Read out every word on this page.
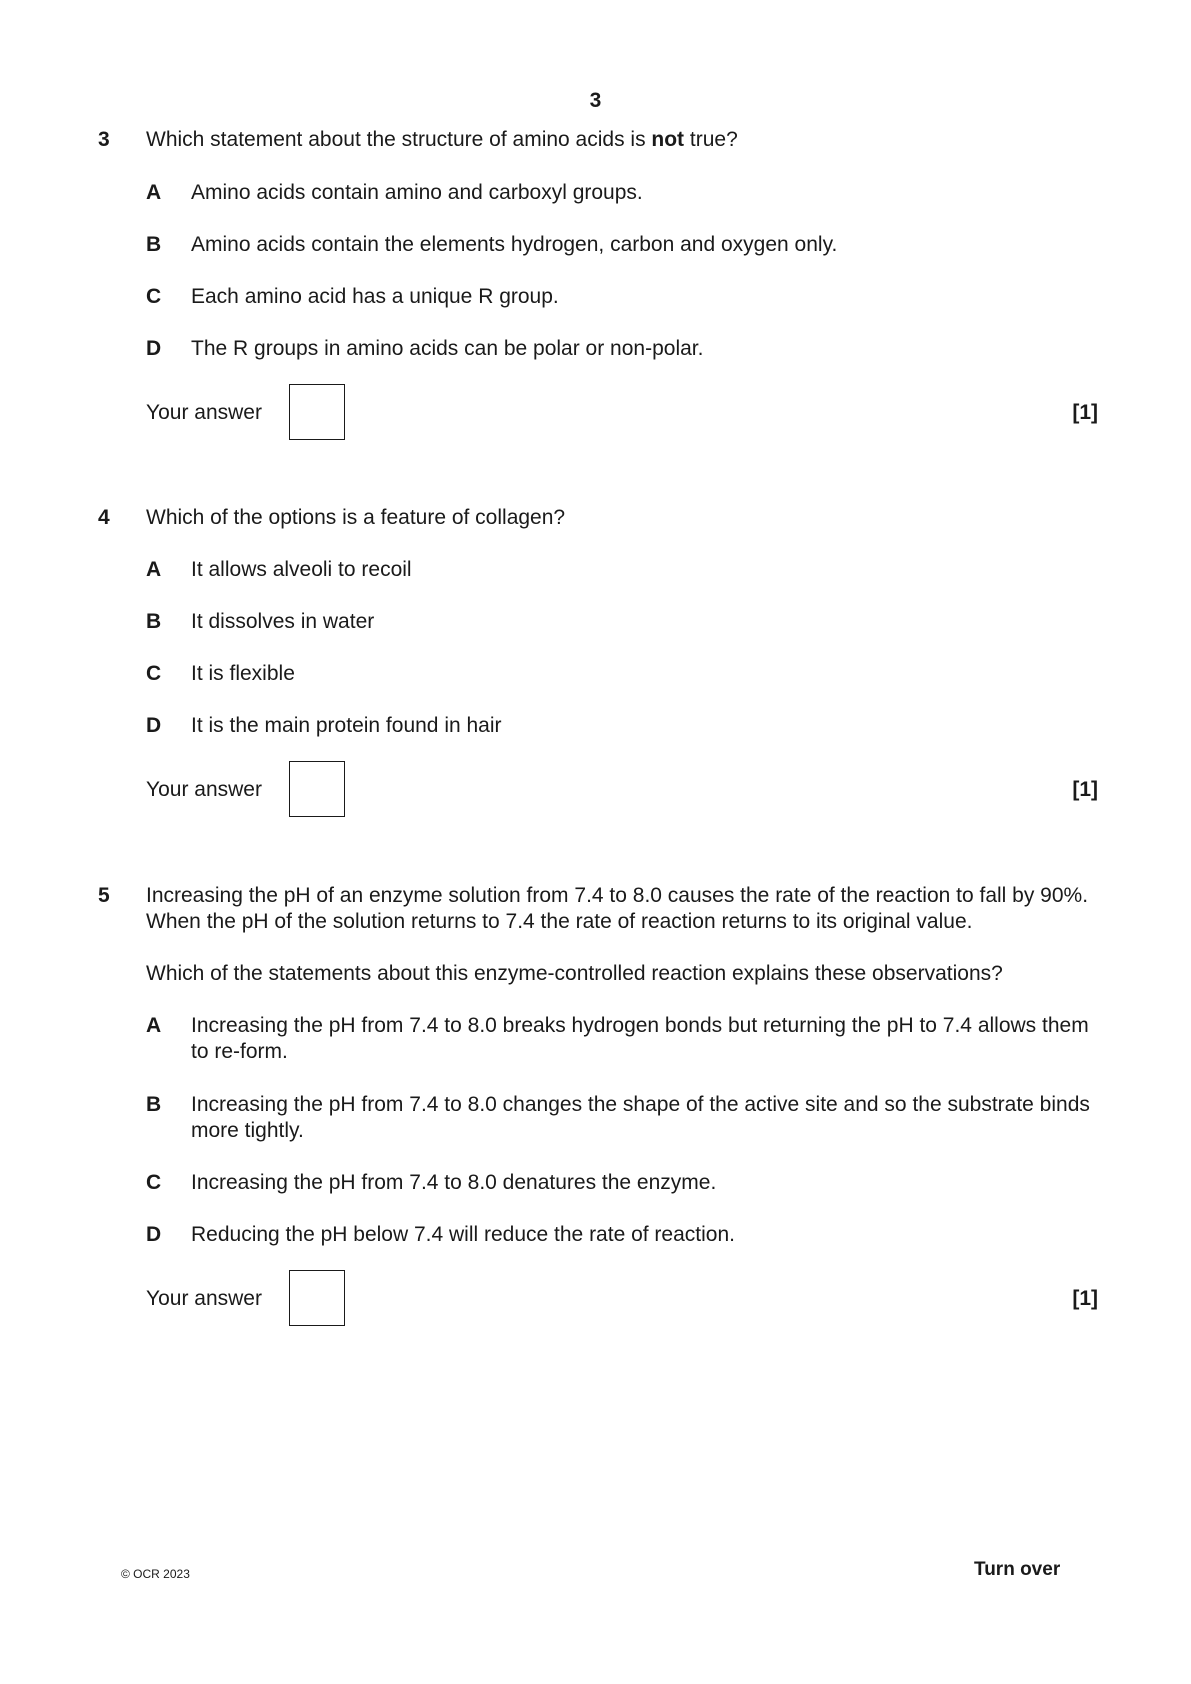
3
3	Which statement about the structure of amino acids is not true?
A	Amino acids contain amino and carboxyl groups.
B	Amino acids contain the elements hydrogen, carbon and oxygen only.
C	Each amino acid has a unique R group.
D	The R groups in amino acids can be polar or non-polar.
Your answer	[1]
4	Which of the options is a feature of collagen?
A	It allows alveoli to recoil
B	It dissolves in water
C	It is flexible
D	It is the main protein found in hair
Your answer	[1]
5	Increasing the pH of an enzyme solution from 7.4 to 8.0 causes the rate of the reaction to fall by 90%. When the pH of the solution returns to 7.4 the rate of reaction returns to its original value.
Which of the statements about this enzyme-controlled reaction explains these observations?
A	Increasing the pH from 7.4 to 8.0 breaks hydrogen bonds but returning the pH to 7.4 allows them to re-form.
B	Increasing the pH from 7.4 to 8.0 changes the shape of the active site and so the substrate binds more tightly.
C	Increasing the pH from 7.4 to 8.0 denatures the enzyme.
D	Reducing the pH below 7.4 will reduce the rate of reaction.
Your answer	[1]
© OCR 2023	Turn over
